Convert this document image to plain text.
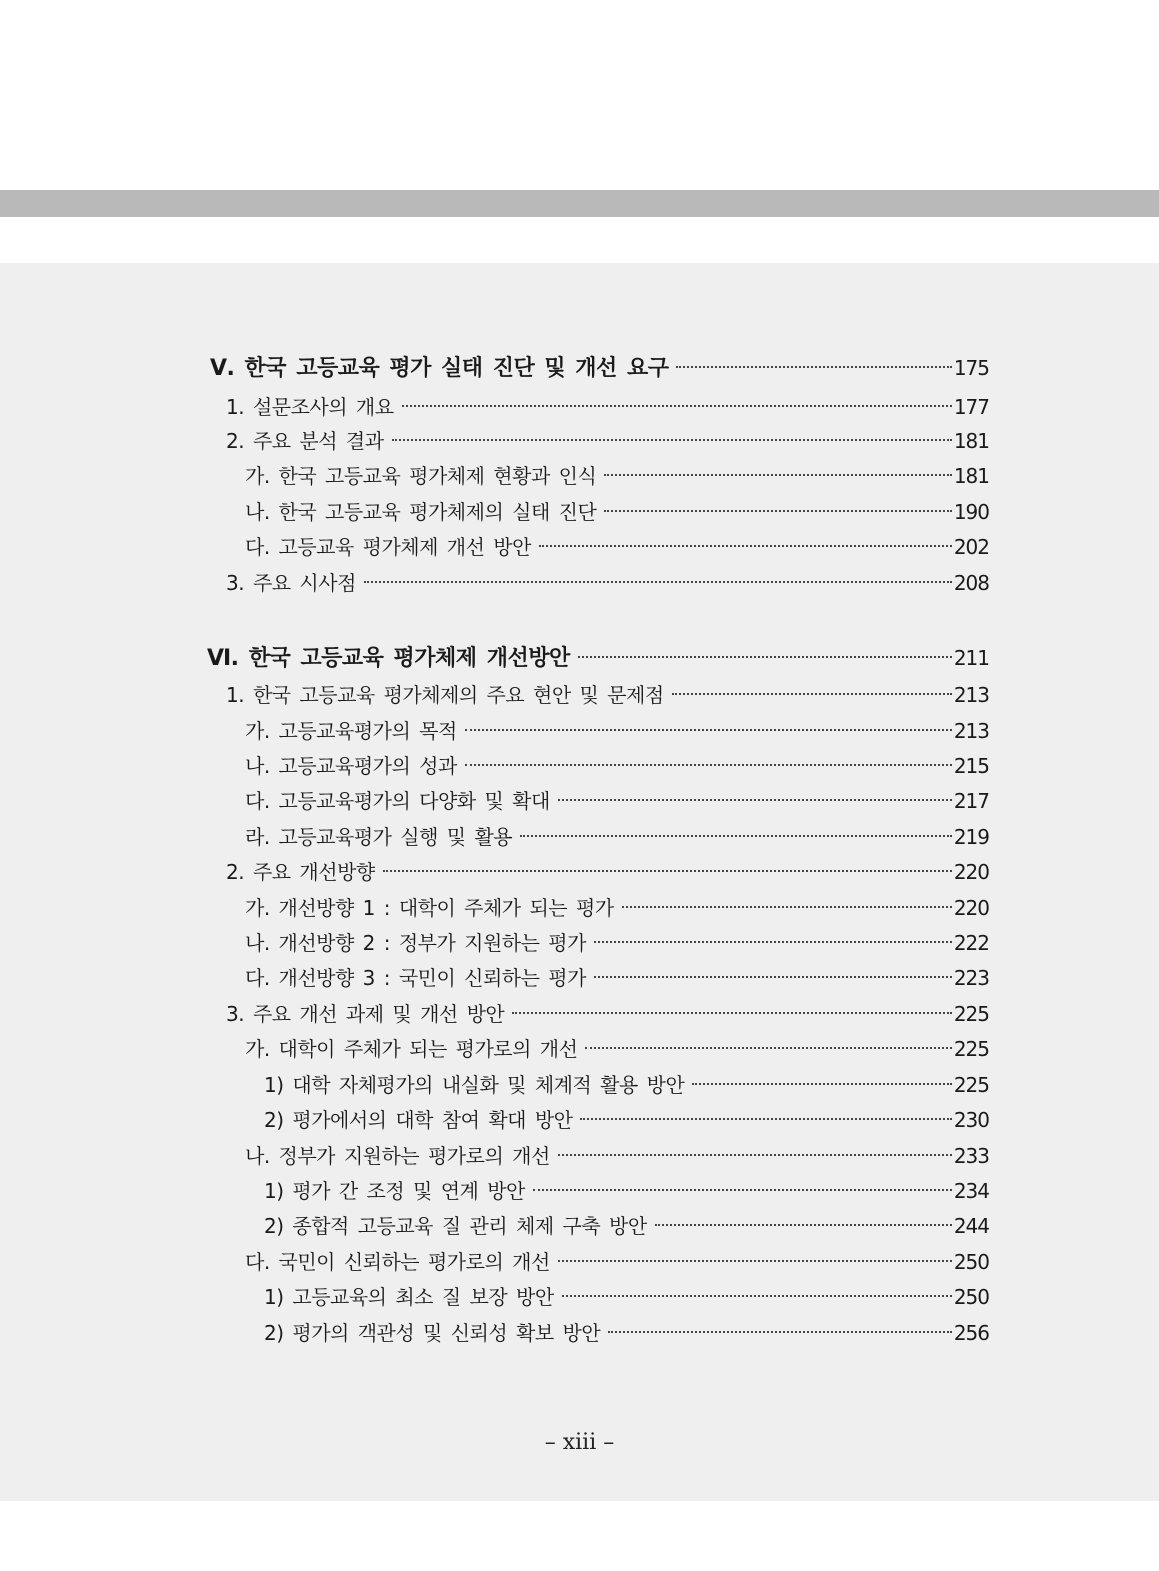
Ⅴ. 한국 고등교육 평가 실태 진단 및 개선 요구	175
1. 설문조사의 개요	177
2. 주요 분석 결과	181
가. 한국 고등교육 평가체제 현황과 인식	181
나. 한국 고등교육 평가체제의 실태 진단	190
다. 고등교육 평가체제 개선 방안	202
3. 주요 시사점	208
Ⅵ. 한국 고등교육 평가체제 개선방안	211
1. 한국 고등교육 평가체제의 주요 현안 및 문제점	213
가. 고등교육평가의 목적	213
나. 고등교육평가의 성과	215
다. 고등교육평가의 다양화 및 확대	217
라. 고등교육평가 실행 및 활용	219
2. 주요 개선방향	220
가. 개선방향 1 : 대학이 주체가 되는 평가	220
나. 개선방향 2 : 정부가 지원하는 평가	222
다. 개선방향 3 : 국민이 신뢰하는 평가	223
3. 주요 개선 과제 및 개선 방안	225
가. 대학이 주체가 되는 평가로의 개선	225
1) 대학 자체평가의 내실화 및 체계적 활용 방안	225
2) 평가에서의 대학 참여 확대 방안	230
나. 정부가 지원하는 평가로의 개선	233
1) 평가 간 조정 및 연계 방안	234
2) 종합적 고등교육 질 관리 체제 구축 방안	244
다. 국민이 신뢰하는 평가로의 개선	250
1) 고등교육의 최소 질 보장 방안	250
2) 평가의 객관성 및 신뢰성 확보 방안	256
– xiii –
